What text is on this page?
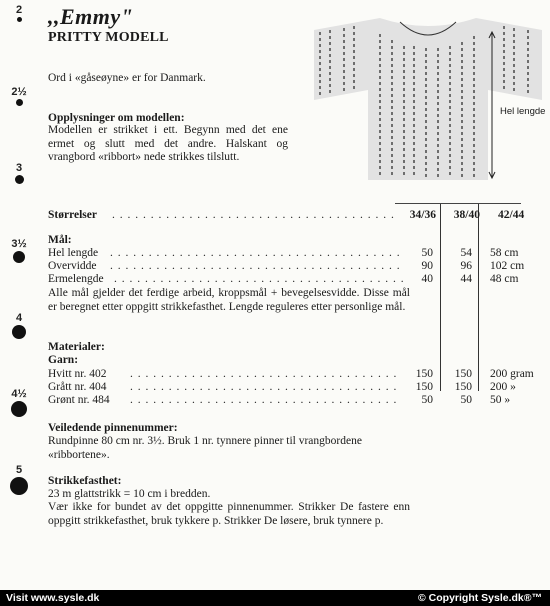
2
2½
3
3½
4
4½
5
,,Emmy"
PRITTY MODELL
Ord i «gåseøyne» er for Danmark.
Opplysninger om modellen:
Modellen er strikket i ett. Begynn med det ene ermet og slutt med det andre. Halskant og vrangbord «ribbort» nede strikkes tilslutt.
Hel lengde
Størrelser . . . . . . . . . . . . . . . . . . . . . . . . . . . . . . . . . . . . .	34/36	38/40 42/44
Mål:
Hel lengde . . . . . . . . . . . . . . . . . . . . . . . . . . . . . . . . . . . . . .	50	54 58 cm
Overvidde . . . . . . . . . . . . . . . . . . . . . . . . . . . . . . . . . . . . . .	90	96 102 cm
Ermelengde . . . . . . . . . . . . . . . . . . . . . . . . . . . . . . . . . . . . . .	40	44 48 cm
Alle mål gjelder det ferdige arbeid, kroppsmål + bevegelsesvidde. Disse mål er beregnet etter oppgitt strikkefasthet. Lengde reguleres etter personlige mål.
Materialer:
Garn:
Hvitt nr. 402 . . . . . . . . . . . . . . . . . . . . . . . . . . . . . . . . . . .	150	150 200 gram
Grått nr. 404 . . . . . . . . . . . . . . . . . . . . . . . . . . . . . . . . . . .	150	150 200 »
Grønt nr. 484 . . . . . . . . . . . . . . . . . . . . . . . . . . . . . . . . . . .	50	50 50 »
Veiledende pinnenummer:
Rundpinne 80 cm nr. 3½. Bruk 1 nr. tynnere pinner til vrangbordene «ribbortene».
Strikkefasthet:
23 m glattstrikk = 10 cm i bredden.
Vær ikke for bundet av det oppgitte pinnenummer. Strikker De fastere enn oppgitt strikkefasthet, bruk tykkere p. Strikker De løsere, bruk tynnere p.
Visit www.sysle.dk	© Copyright Sysle.dk®™
